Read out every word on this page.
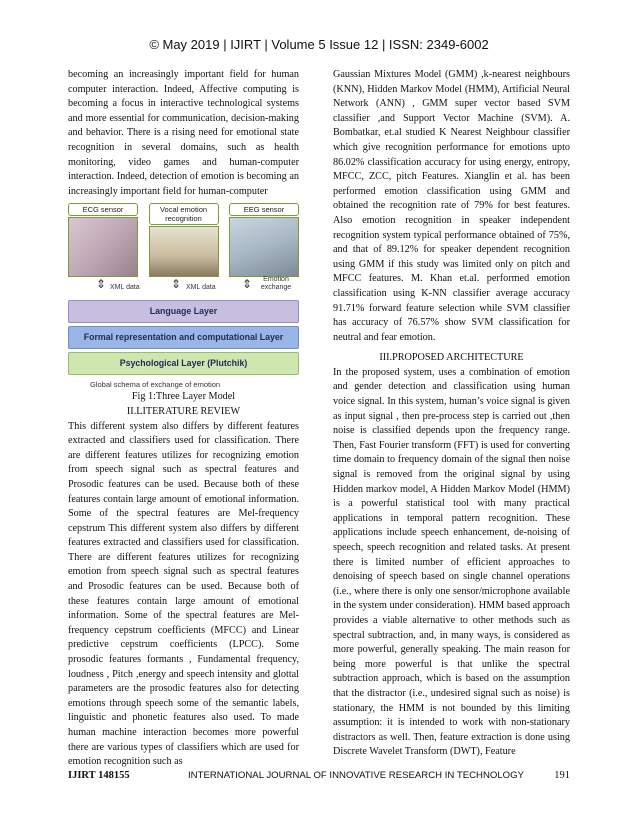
© May 2019 | IJIRT | Volume 5 Issue 12 | ISSN: 2349-6002

becoming an increasingly important field for human computer interaction. Indeed, Affective computing is becoming a focus in interactive technological systems and more essential for communication, decision-making and behavior. There is a rising need for emotional state recognition in several domains, such as health monitoring, video games and human-computer interaction. Indeed, detection of emotion is becoming an increasingly important field for human-computer

ECG sensor	Vocal emotion recognition
EEG sensor
⇕ XML data	⇕ XML data ⇕	Emotion exchange
Language Layer
Formal representation and computational Layer
Psychological Layer (Plutchik)
Global schema of exchange of emotion

Fig 1:Three Layer Model

II.LITERATURE REVIEW

This different system also differs by different features extracted and classifiers used for classification. There are different features utilizes for recognizing emotion from speech signal such as spectral features and Prosodic features can be used. Because both of these features contain large amount of emotional information. Some of the spectral features are Mel-frequency cepstrum This different system also differs by different features extracted and classifiers used for classification. There are different features utilizes for recognizing emotion from speech signal such as spectral features and Prosodic features can be used. Because both of these features contain large amount of emotional information. Some of the spectral features are Mel-frequency cepstrum coefficients (MFCC) and Linear predictive cepstrum coefficients (LPCC). Some prosodic features formants , Fundamental frequency, loudness , Pitch ,energy and speech intensity and glottal parameters are the prosodic features also for detecting emotions through speech some of the semantic labels, linguistic and phonetic features also used. To made human machine interaction becomes more powerful there are various types of classifiers which are used for emotion recognition such as

Gaussian Mixtures Model (GMM) ,k-nearest neighbours (KNN), Hidden Markov Model (HMM), Artificial Neural Network (ANN) , GMM super vector based SVM classifier ,and Support Vector Machine (SVM). A. Bombatkar, et.al studied K Nearest Neighbour classifier which give recognition performance for emotions upto 86.02% classification accuracy for using energy, entropy, MFCC, ZCC, pitch Features. Xianglin et al. has been performed emotion classification using GMM and obtained the recognition rate of 79% for best features. Also emotion recognition in speaker independent recognition system typical performance obtained of 75%, and that of 89.12% for speaker dependent recognition using GMM if this study was limited only on pitch and MFCC features. M. Khan et.al. performed emotion classification using K-NN classifier average accuracy 91.71% forward feature selection while SVM classifier has accuracy of 76.57% show SVM classification for neutral and fear emotion.

III.PROPOSED ARCHITECTURE

In the proposed system, uses a combination of emotion and gender detection and classification using human voice signal. In this system, human’s voice signal is given as input signal , then pre-process step is carried out ,then noise is classified depends upon the frequency range. Then, Fast Fourier transform (FFT) is used for converting time domain to frequency domain of the signal then noise signal is removed from the original signal by using Hidden markov model, A Hidden Markov Model (HMM) is a powerful statistical tool with many practical applications in temporal pattern recognition. These applications include speech enhancement, de-noising of speech, speech recognition and related tasks. At present there is limited number of efficient approaches to denoising of speech based on single channel operations (i.e., where there is only one sensor/microphone available in the system under consideration). HMM based approach provides a viable alternative to other methods such as spectral subtraction, and, in many ways, is considered as more powerful, generally speaking. The main reason for being more powerful is that unlike the spectral subtraction approach, which is based on the assumption that the distractor (i.e., undesired signal such as noise) is stationary, the HMM is not bounded by this limiting assumption: it is intended to work with non-stationary distractors as well. Then, feature extraction is done using Discrete Wavelet Transform (DWT), Feature

IJIRT 148155	INTERNATIONAL JOURNAL OF INNOVATIVE RESEARCH IN TECHNOLOGY	191
